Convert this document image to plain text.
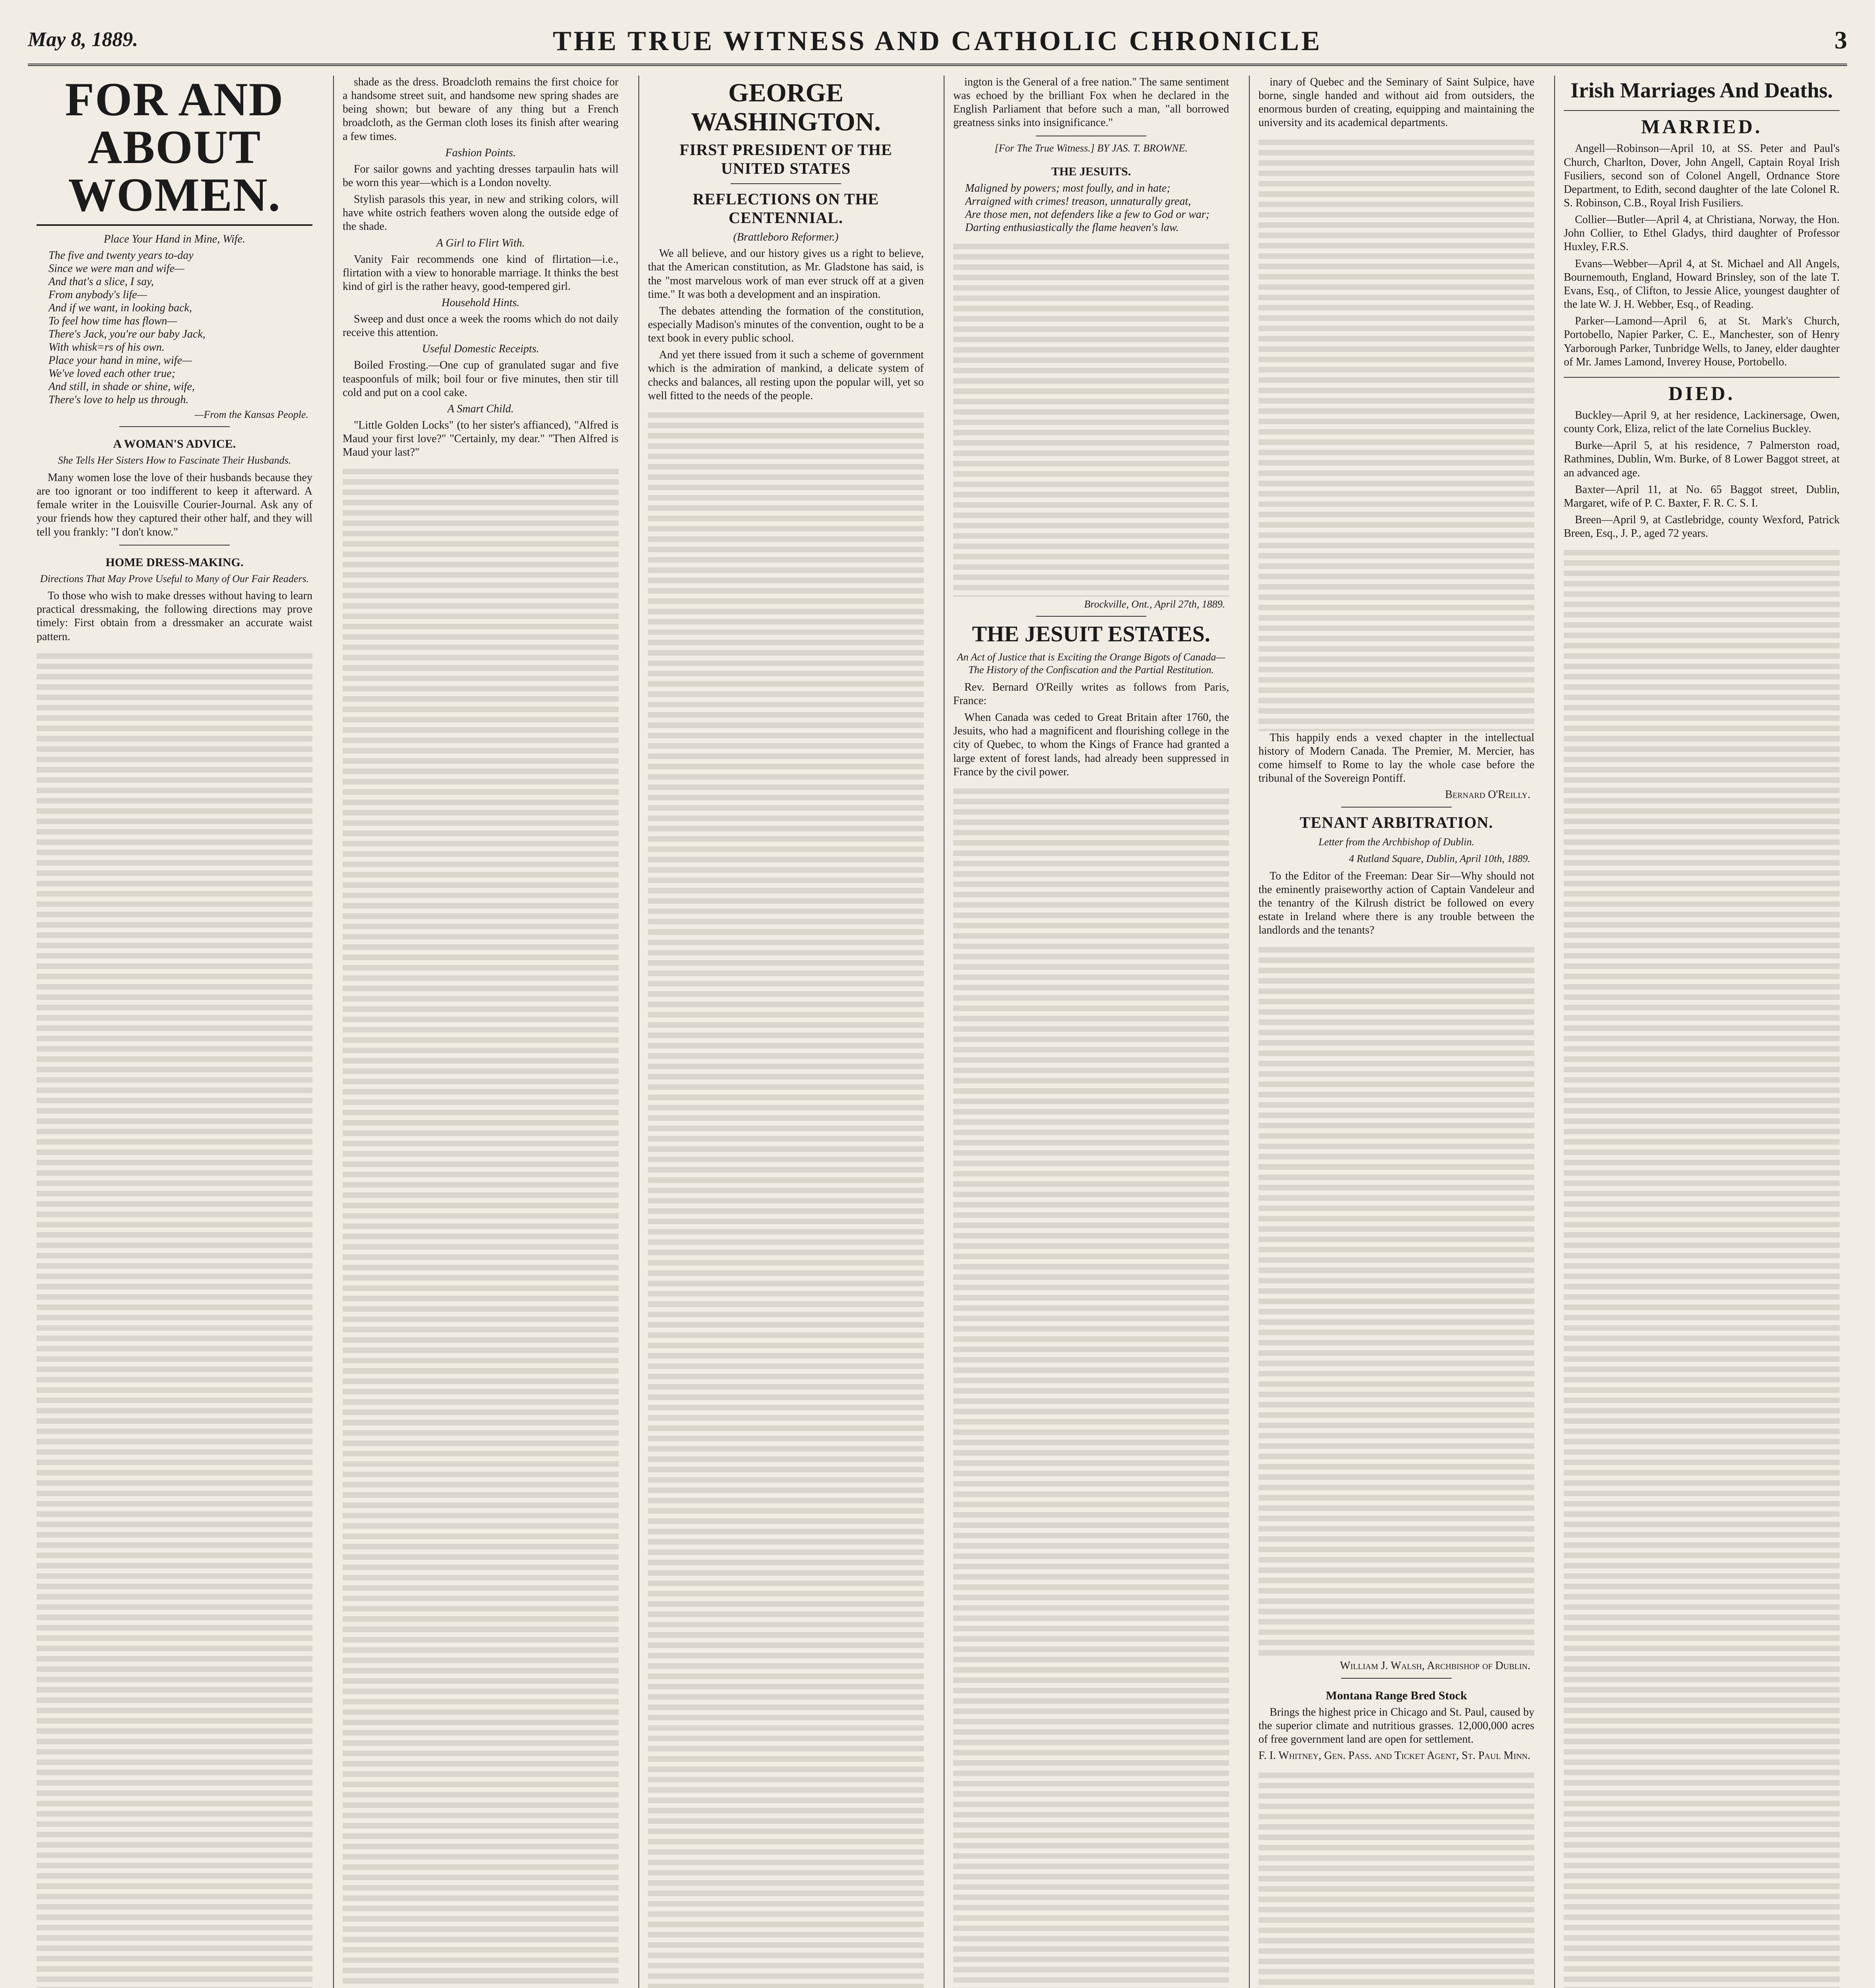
May 8, 1889.	THE TRUE WITNESS AND CATHOLIC CHRONICLE	3
FOR AND ABOUT WOMEN.
Place Your Hand in Mine, Wife.
The five and twenty years to-day
Since we were man and wife—
And that's a slice, I say,
From anybody's life—
And if we want, in looking back,
To feel how time has flown—
There's Jack, you're our baby Jack,
With whisk=rs of his own.
Place your hand in mine, wife—
We've loved each other true;
And still, in shade or shine, wife,
There's love to help us through.
—From the Kansas People.
A WOMAN'S ADVICE.
She Tells Her Sisters How to Fascinate Their Husbands.

Many women lose the love of their husbands because they are too ignorant or too indifferent to keep it afterward. A female writer in the Louisville Courier-Journal. Ask any of your friends how they captured their other half, and they will tell you frankly: "I don't know."

HOME DRESS-MAKING.
Directions That May Prove Useful to Many of Our Fair Readers.

To those who wish to make dresses without having to learn practical dressmaking, the following directions may prove timely: First obtain from a dressmaker an accurate waist pattern.

shade as the dress. Broadcloth remains the first choice for a handsome street suit, and handsome new spring shades are being shown; but beware of any thing but a French broadcloth, as the German cloth loses its finish after wearing a few times.

Fashion Points.

For sailor gowns and yachting dresses tarpaulin hats will be worn this year—which is a London novelty.

Stylish parasols this year, in new and striking colors, will have white ostrich feathers woven along the outside edge of the shade.

A Girl to Flirt With.

Vanity Fair recommends one kind of flirtation—i.e., flirtation with a view to honorable marriage. It thinks the best kind of girl is the rather heavy, good-tempered girl.

Household Hints.

Sweep and dust once a week the rooms which do not daily receive this attention.

Useful Domestic Receipts.

Boiled Frosting.—One cup of granulated sugar and five teaspoonfuls of milk; boil four or five minutes, then stir till cold and put on a cool cake.

A Smart Child.

"Little Golden Locks" (to her sister's affianced), "Alfred is Maud your first love?" "Certainly, my dear." "Then Alfred is Maud your last?"

GEORGE WASHINGTON.
FIRST PRESIDENT OF THE UNITED STATES
REFLECTIONS ON THE CENTENNIAL.
(Brattleboro Reformer.)

We all believe, and our history gives us a right to believe, that the American constitution, as Mr. Gladstone has said, is the "most marvelous work of man ever struck off at a given time." It was both a development and an inspiration.

The debates attending the formation of the constitution, especially Madison's minutes of the convention, ought to be a text book in every public school.

And yet there issued from it such a scheme of government which is the admiration of mankind, a delicate system of checks and balances, all resting upon the popular will, yet so well fitted to the needs of the people.

ington is the General of a free nation." The same sentiment was echoed by the brilliant Fox when he declared in the English Parliament that before such a man, "all borrowed greatness sinks into insignificance."

[For The True Witness.] BY JAS. T. BROWNE.
THE JESUITS.
Maligned by powers; most foully, and in hate;
Arraigned with crimes! treason, unnaturally great,
Are those men, not defenders like a few to God or war;
Darting enthusiastically the flame heaven's law.
Brockville, Ont., April 27th, 1889.
THE JESUIT ESTATES.
An Act of Justice that is Exciting the Orange Bigots of Canada—The History of the Confiscation and the Partial Restitution.

Rev. Bernard O'Reilly writes as follows from Paris, France:

When Canada was ceded to Great Britain after 1760, the Jesuits, who had a magnificent and flourishing college in the city of Quebec, to whom the Kings of France had granted a large extent of forest lands, had already been suppressed in France by the civil power.

inary of Quebec and the Seminary of Saint Sulpice, have borne, single handed and without aid from outsiders, the enormous burden of creating, equipping and maintaining the university and its academical departments.

This happily ends a vexed chapter in the intellectual history of Modern Canada. The Premier, M. Mercier, has come himself to Rome to lay the whole case before the tribunal of the Sovereign Pontiff.

Bernard O'Reilly.
TENANT ARBITRATION.
Letter from the Archbishop of Dublin.
4 Rutland Square, Dublin, April 10th, 1889.

To the Editor of the Freeman: Dear Sir—Why should not the eminently praiseworthy action of Captain Vandeleur and the tenantry of the Kilrush district be followed on every estate in Ireland where there is any trouble between the landlords and the tenants?

William J. Walsh, Archbishop of Dublin.
Montana Range Bred Stock

Brings the highest price in Chicago and St. Paul, caused by the superior climate and nutritious grasses. 12,000,000 acres of free government land are open for settlement.

F. I. Whitney, Gen. Pass. and Ticket Agent, St. Paul Minn.
Irish Marriages And Deaths.
MARRIED.

Angell—Robinson—April 10, at SS. Peter and Paul's Church, Charlton, Dover, John Angell, Captain Royal Irish Fusiliers, second son of Colonel Angell, Ordnance Store Department, to Edith, second daughter of the late Colonel R. S. Robinson, C.B., Royal Irish Fusiliers.

Collier—Butler—April 4, at Christiana, Norway, the Hon. John Collier, to Ethel Gladys, third daughter of Professor Huxley, F.R.S.

Evans—Webber—April 4, at St. Michael and All Angels, Bournemouth, England, Howard Brinsley, son of the late T. Evans, Esq., of Clifton, to Jessie Alice, youngest daughter of the late W. J. H. Webber, Esq., of Reading.

Parker—Lamond—April 6, at St. Mark's Church, Portobello, Napier Parker, C. E., Manchester, son of Henry Yarborough Parker, Tunbridge Wells, to Janey, elder daughter of Mr. James Lamond, Inverey House, Portobello.

DIED.

Buckley—April 9, at her residence, Lackinersage, Owen, county Cork, Eliza, relict of the late Cornelius Buckley.

Burke—April 5, at his residence, 7 Palmerston road, Rathmines, Dublin, Wm. Burke, of 8 Lower Baggot street, at an advanced age.

Baxter—April 11, at No. 65 Baggot street, Dublin, Margaret, wife of P. C. Baxter, F. R. C. S. I.

Breen—April 9, at Castlebridge, county Wexford, Patrick Breen, Esq., J. P., aged 72 years.
